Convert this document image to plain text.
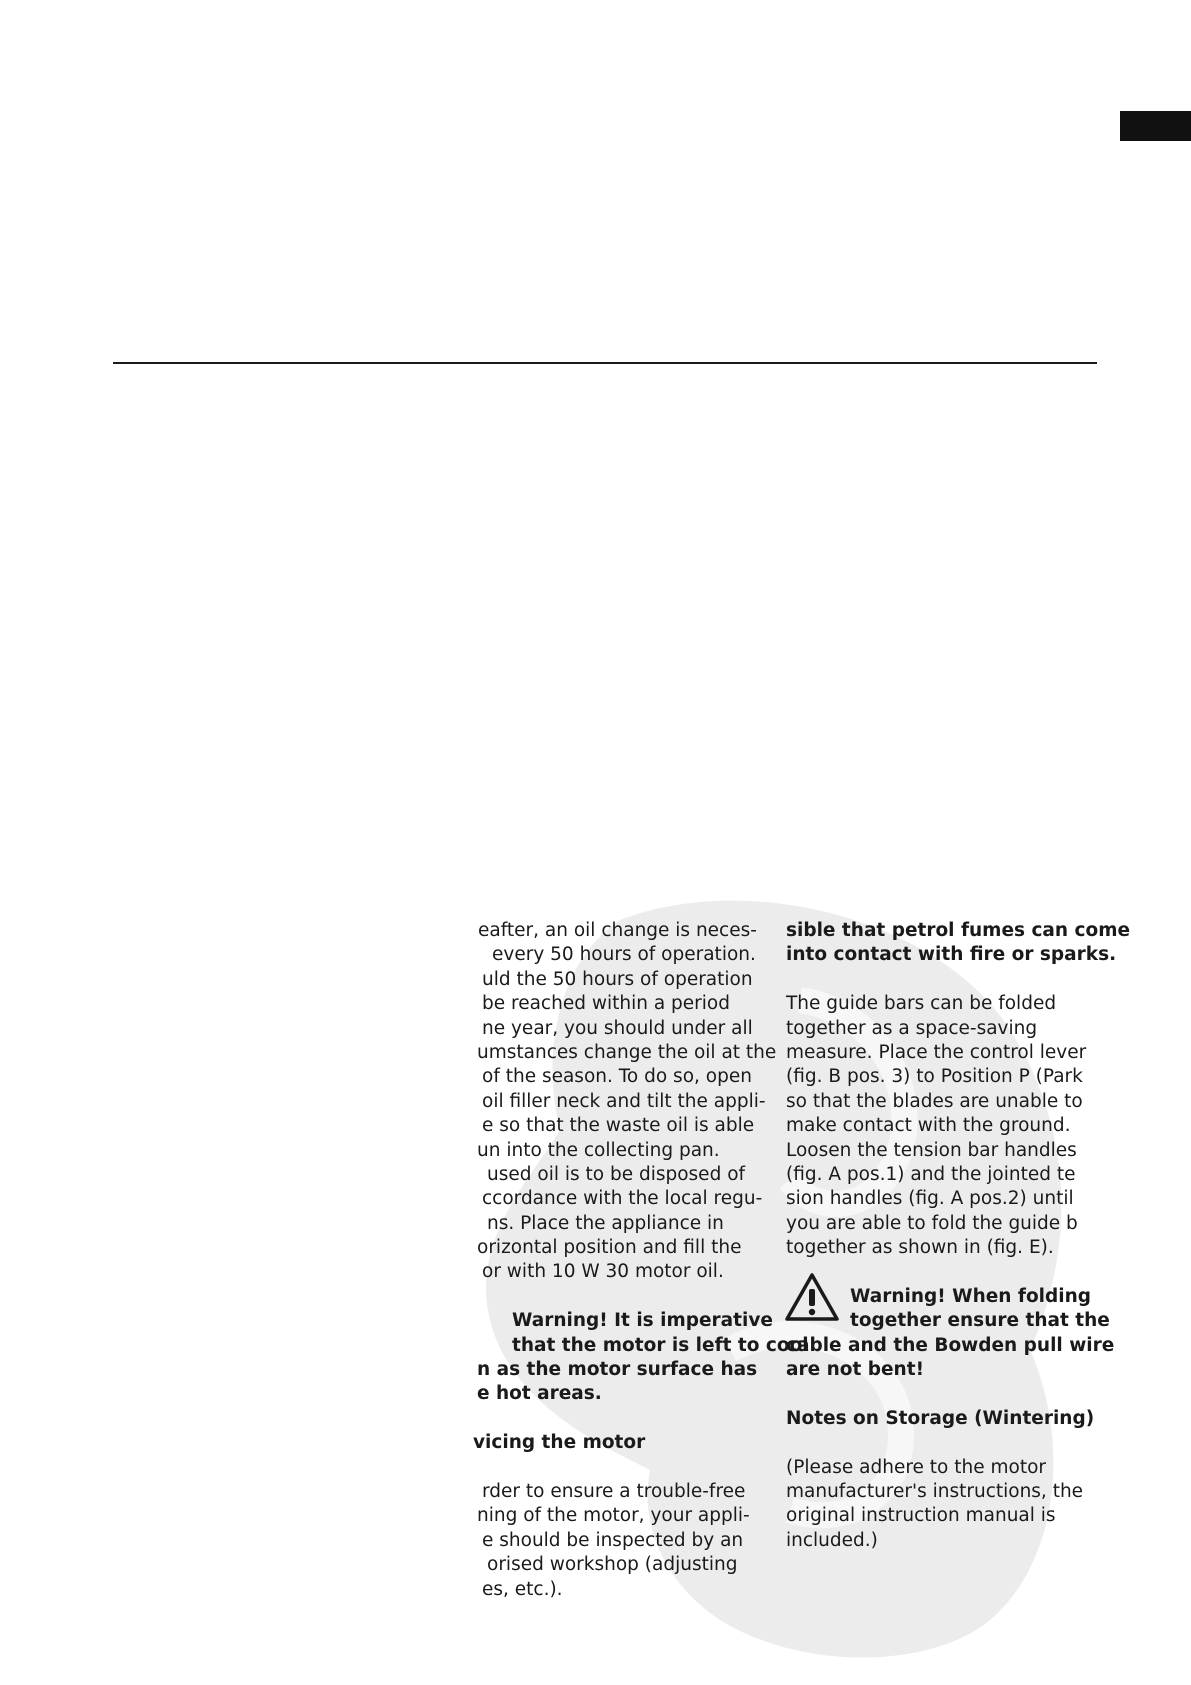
eafter, an oil change is neces-
every 50 hours of operation.
uld the 50 hours of operation
be reached within a period
ne year, you should under all
umstances change the oil at the
of the season. To do so, open
oil filler neck and tilt the appli-
e so that the waste oil is able
un into the collecting pan.
used oil is to be disposed of
ccordance with the local regu-
ns. Place the appliance in
orizontal position and fill the
or with 10 W 30 motor oil.
Warning! It is imperative
that the motor is left to cool
n as the motor surface has
e hot areas.
vicing the motor
rder to ensure a trouble-free
ning of the motor, your appli-
e should be inspected by an
orised workshop (adjusting
es, etc.).
sible that petrol fumes can come
into contact with fire or sparks.
The guide bars can be folded
together as a space-saving
measure. Place the control lever
(fig. B pos. 3) to Position P (Park
so that the blades are unable to
make contact with the ground.
Loosen the tension bar handles
(fig. A pos.1) and the jointed te
sion handles (fig. A pos.2) until
you are able to fold the guide b
together as shown in (fig. E).
Warning! When folding
together ensure that the
cable and the Bowden pull wire
are not bent!
Notes on Storage (Wintering)
(Please adhere to the motor
manufacturer's instructions, the
original instruction manual is
included.)
